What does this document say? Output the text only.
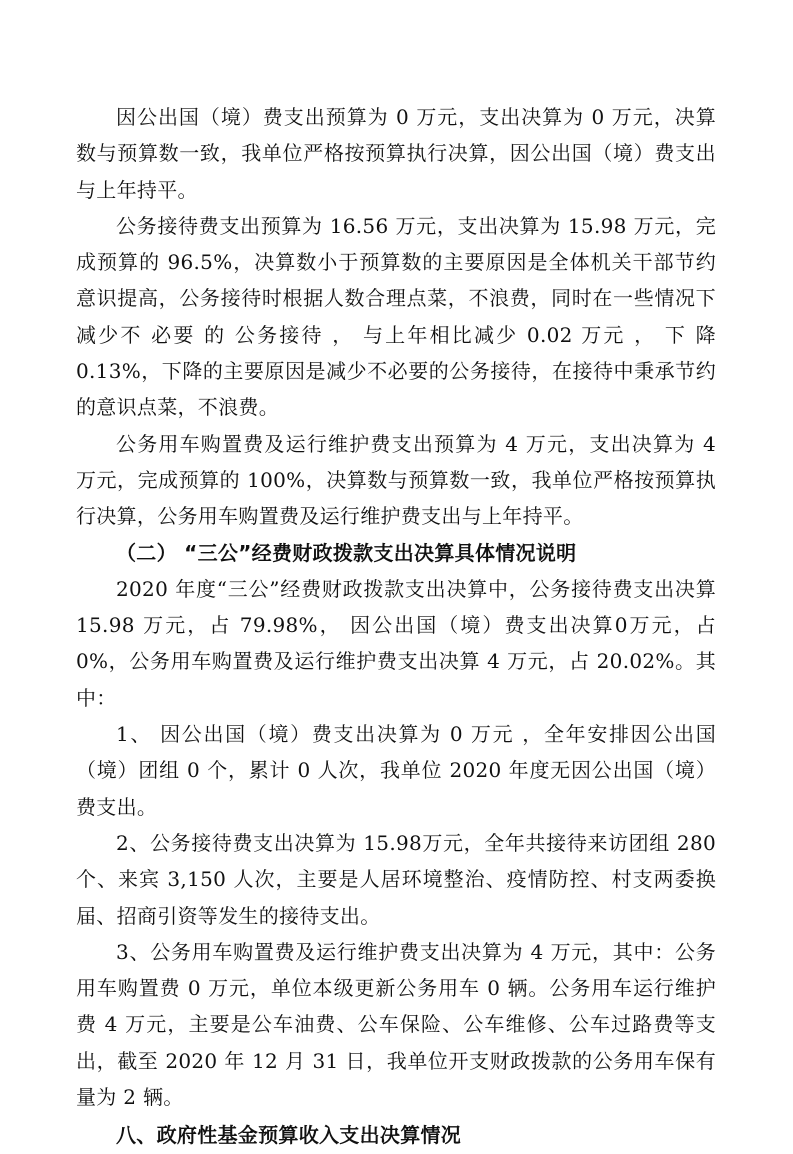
因公出国（境）费支出预算为 0 万元，支出决算为 0 万元，决算数与预算数一致，我单位严格按预算执行决算，因公出国（境）费支出与上年持平。

公务接待费支出预算为 16.56 万元，支出决算为 15.98 万元，完成预算的 96.5%，决算数小于预算数的主要原因是全体机关干部节约意识提高，公务接待时根据人数合理点菜，不浪费，同时在一些情况下减少不 必要 的 公务接待 ， 与上年相比减少 0.02 万元 ， 下 降 0.13%，下降的主要原因是减少不必要的公务接待，在接待中秉承节约的意识点菜，不浪费。

公务用车购置费及运行维护费支出预算为 4 万元，支出决算为 4 万元，完成预算的 100%，决算数与预算数一致，我单位严格按预算执行决算，公务用车购置费及运行维护费支出与上年持平。

（二） “三公”经费财政拨款支出决算具体情况说明

2020 年度“三公”经费财政拨款支出决算中，公务接待费支出决算 15.98 万元，占 79.98%， 因公出国（境）费支出决算0万元，占 0%，公务用车购置费及运行维护费支出决算 4 万元，占 20.02%。其中：

1、 因公出国（境）费支出决算为 0 万元 ，全年安排因公出国（境）团组 0 个，累计 0 人次，我单位 2020 年度无因公出国（境）费支出。

2、公务接待费支出决算为 15.98万元，全年共接待来访团组 280 个、来宾 3,150 人次，主要是人居环境整治、疫情防控、村支两委换届、招商引资等发生的接待支出。

3、公务用车购置费及运行维护费支出决算为 4 万元，其中：公务用车购置费 0 万元，单位本级更新公务用车 0 辆。公务用车运行维护费 4 万元，主要是公车油费、公车保险、公车维修、公车过路费等支出，截至 2020 年 12 月 31 日，我单位开支财政拨款的公务用车保有量为 2 辆。

八、政府性基金预算收入支出决算情况
